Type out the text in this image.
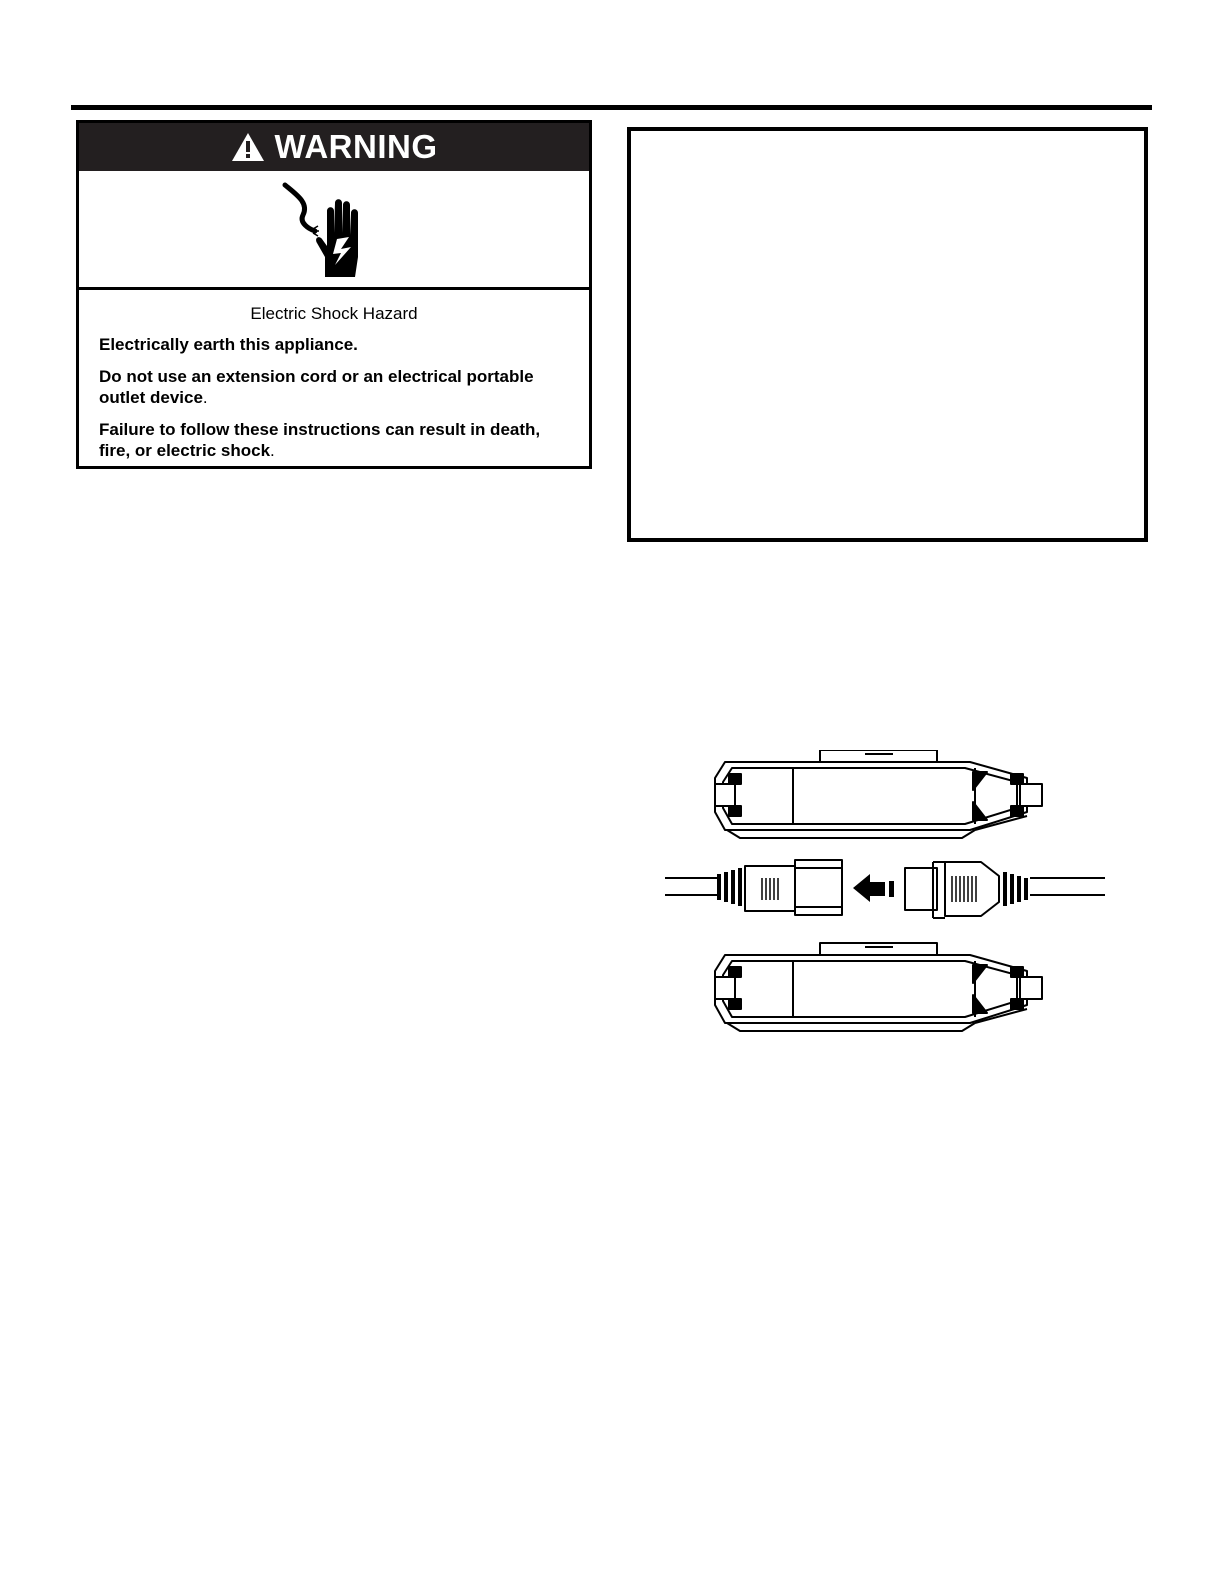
WARNING

Electric Shock Hazard

Electrically earth this appliance.

Do not use an extension cord or an electrical portable outlet device.

Failure to follow these instructions can result in death, fire, or electric shock.
